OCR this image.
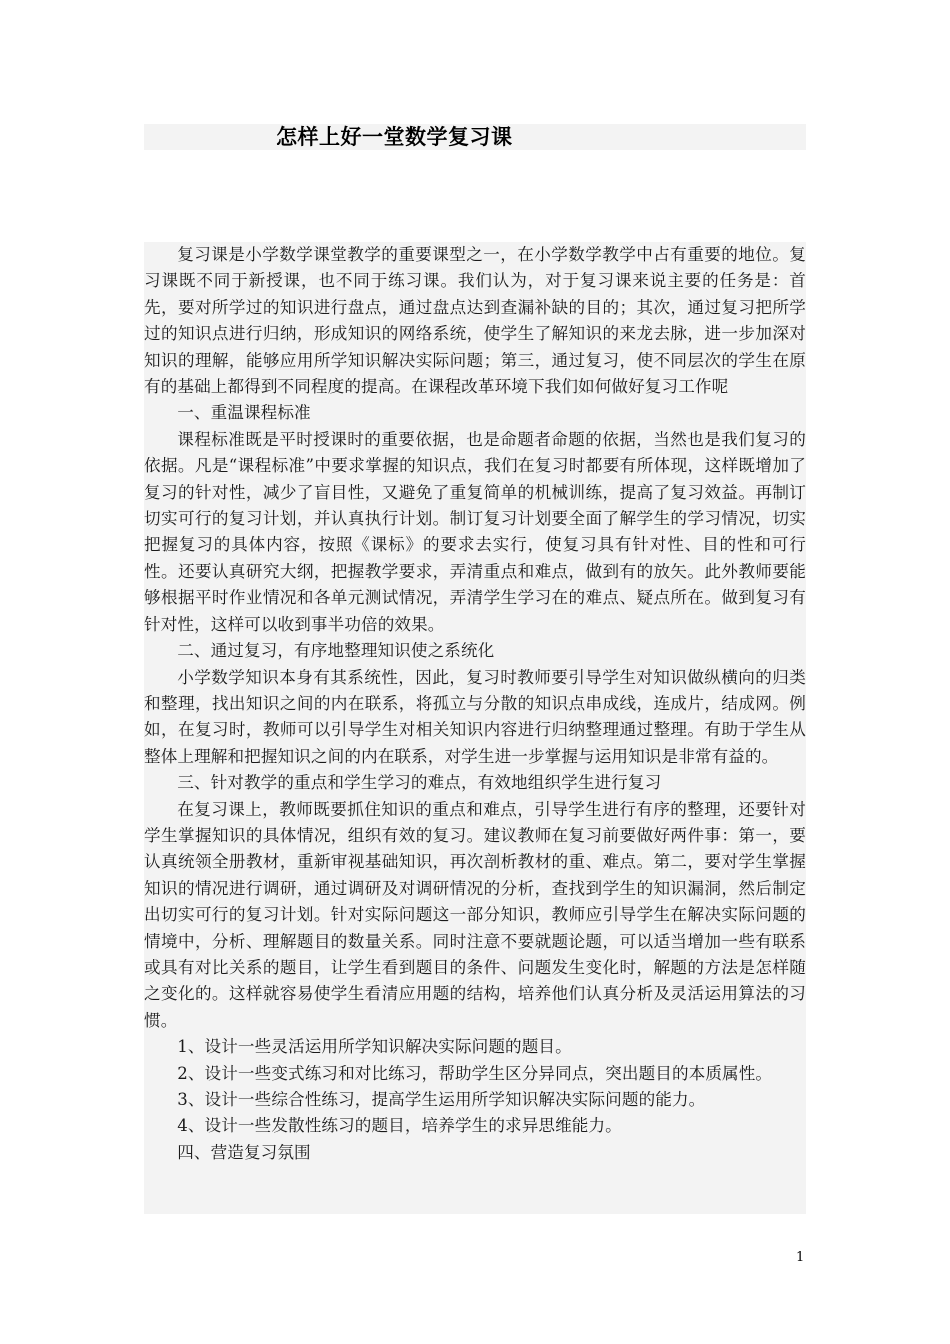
怎样上好一堂数学复习课

复习课是小学数学课堂教学的重要课型之一，在小学数学教学中占有重要的地位。复习课既不同于新授课，也不同于练习课。我们认为，对于复习课来说主要的任务是：首先，要对所学过的知识进行盘点，通过盘点达到查漏补缺的目的；其次，通过复习把所学过的知识点进行归纳，形成知识的网络系统，使学生了解知识的来龙去脉，进一步加深对知识的理解，能够应用所学知识解决实际问题；第三，通过复习，使不同层次的学生在原有的基础上都得到不同程度的提高。在课程改革环境下我们如何做好复习工作呢

一、重温课程标准

课程标准既是平时授课时的重要依据，也是命题者命题的依据，当然也是我们复习的依据。凡是“课程标准”中要求掌握的知识点，我们在复习时都要有所体现，这样既增加了复习的针对性，减少了盲目性，又避免了重复简单的机械训练，提高了复习效益。再制订切实可行的复习计划，并认真执行计划。制订复习计划要全面了解学生的学习情况，切实把握复习的具体内容，按照《课标》的要求去实行，使复习具有针对性、目的性和可行性。还要认真研究大纲，把握教学要求，弄清重点和难点，做到有的放矢。此外教师要能够根据平时作业情况和各单元测试情况，弄清学生学习在的难点、疑点所在。做到复习有针对性，这样可以收到事半功倍的效果。

二、通过复习，有序地整理知识使之系统化

小学数学知识本身有其系统性，因此，复习时教师要引导学生对知识做纵横向的归类和整理，找出知识之间的内在联系，将孤立与分散的知识点串成线，连成片，结成网。例如，在复习时，教师可以引导学生对相关知识内容进行归纳整理通过整理。有助于学生从整体上理解和把握知识之间的内在联系，对学生进一步掌握与运用知识是非常有益的。

三、针对教学的重点和学生学习的难点，有效地组织学生进行复习

在复习课上，教师既要抓住知识的重点和难点，引导学生进行有序的整理，还要针对学生掌握知识的具体情况，组织有效的复习。建议教师在复习前要做好两件事：第一，要认真统领全册教材，重新审视基础知识，再次剖析教材的重、难点。第二，要对学生掌握知识的情况进行调研，通过调研及对调研情况的分析，查找到学生的知识漏洞，然后制定出切实可行的复习计划。针对实际问题这一部分知识，教师应引导学生在解决实际问题的情境中，分析、理解题目的数量关系。同时注意不要就题论题，可以适当增加一些有联系或具有对比关系的题目，让学生看到题目的条件、问题发生变化时，解题的方法是怎样随之变化的。这样就容易使学生看清应用题的结构，培养他们认真分析及灵活运用算法的习惯。

1、设计一些灵活运用所学知识解决实际问题的题目。

2、设计一些变式练习和对比练习，帮助学生区分异同点，突出题目的本质属性。

3、设计一些综合性练习，提高学生运用所学知识解决实际问题的能力。

4、设计一些发散性练习的题目，培养学生的求异思维能力。

四、营造复习氛围

1
